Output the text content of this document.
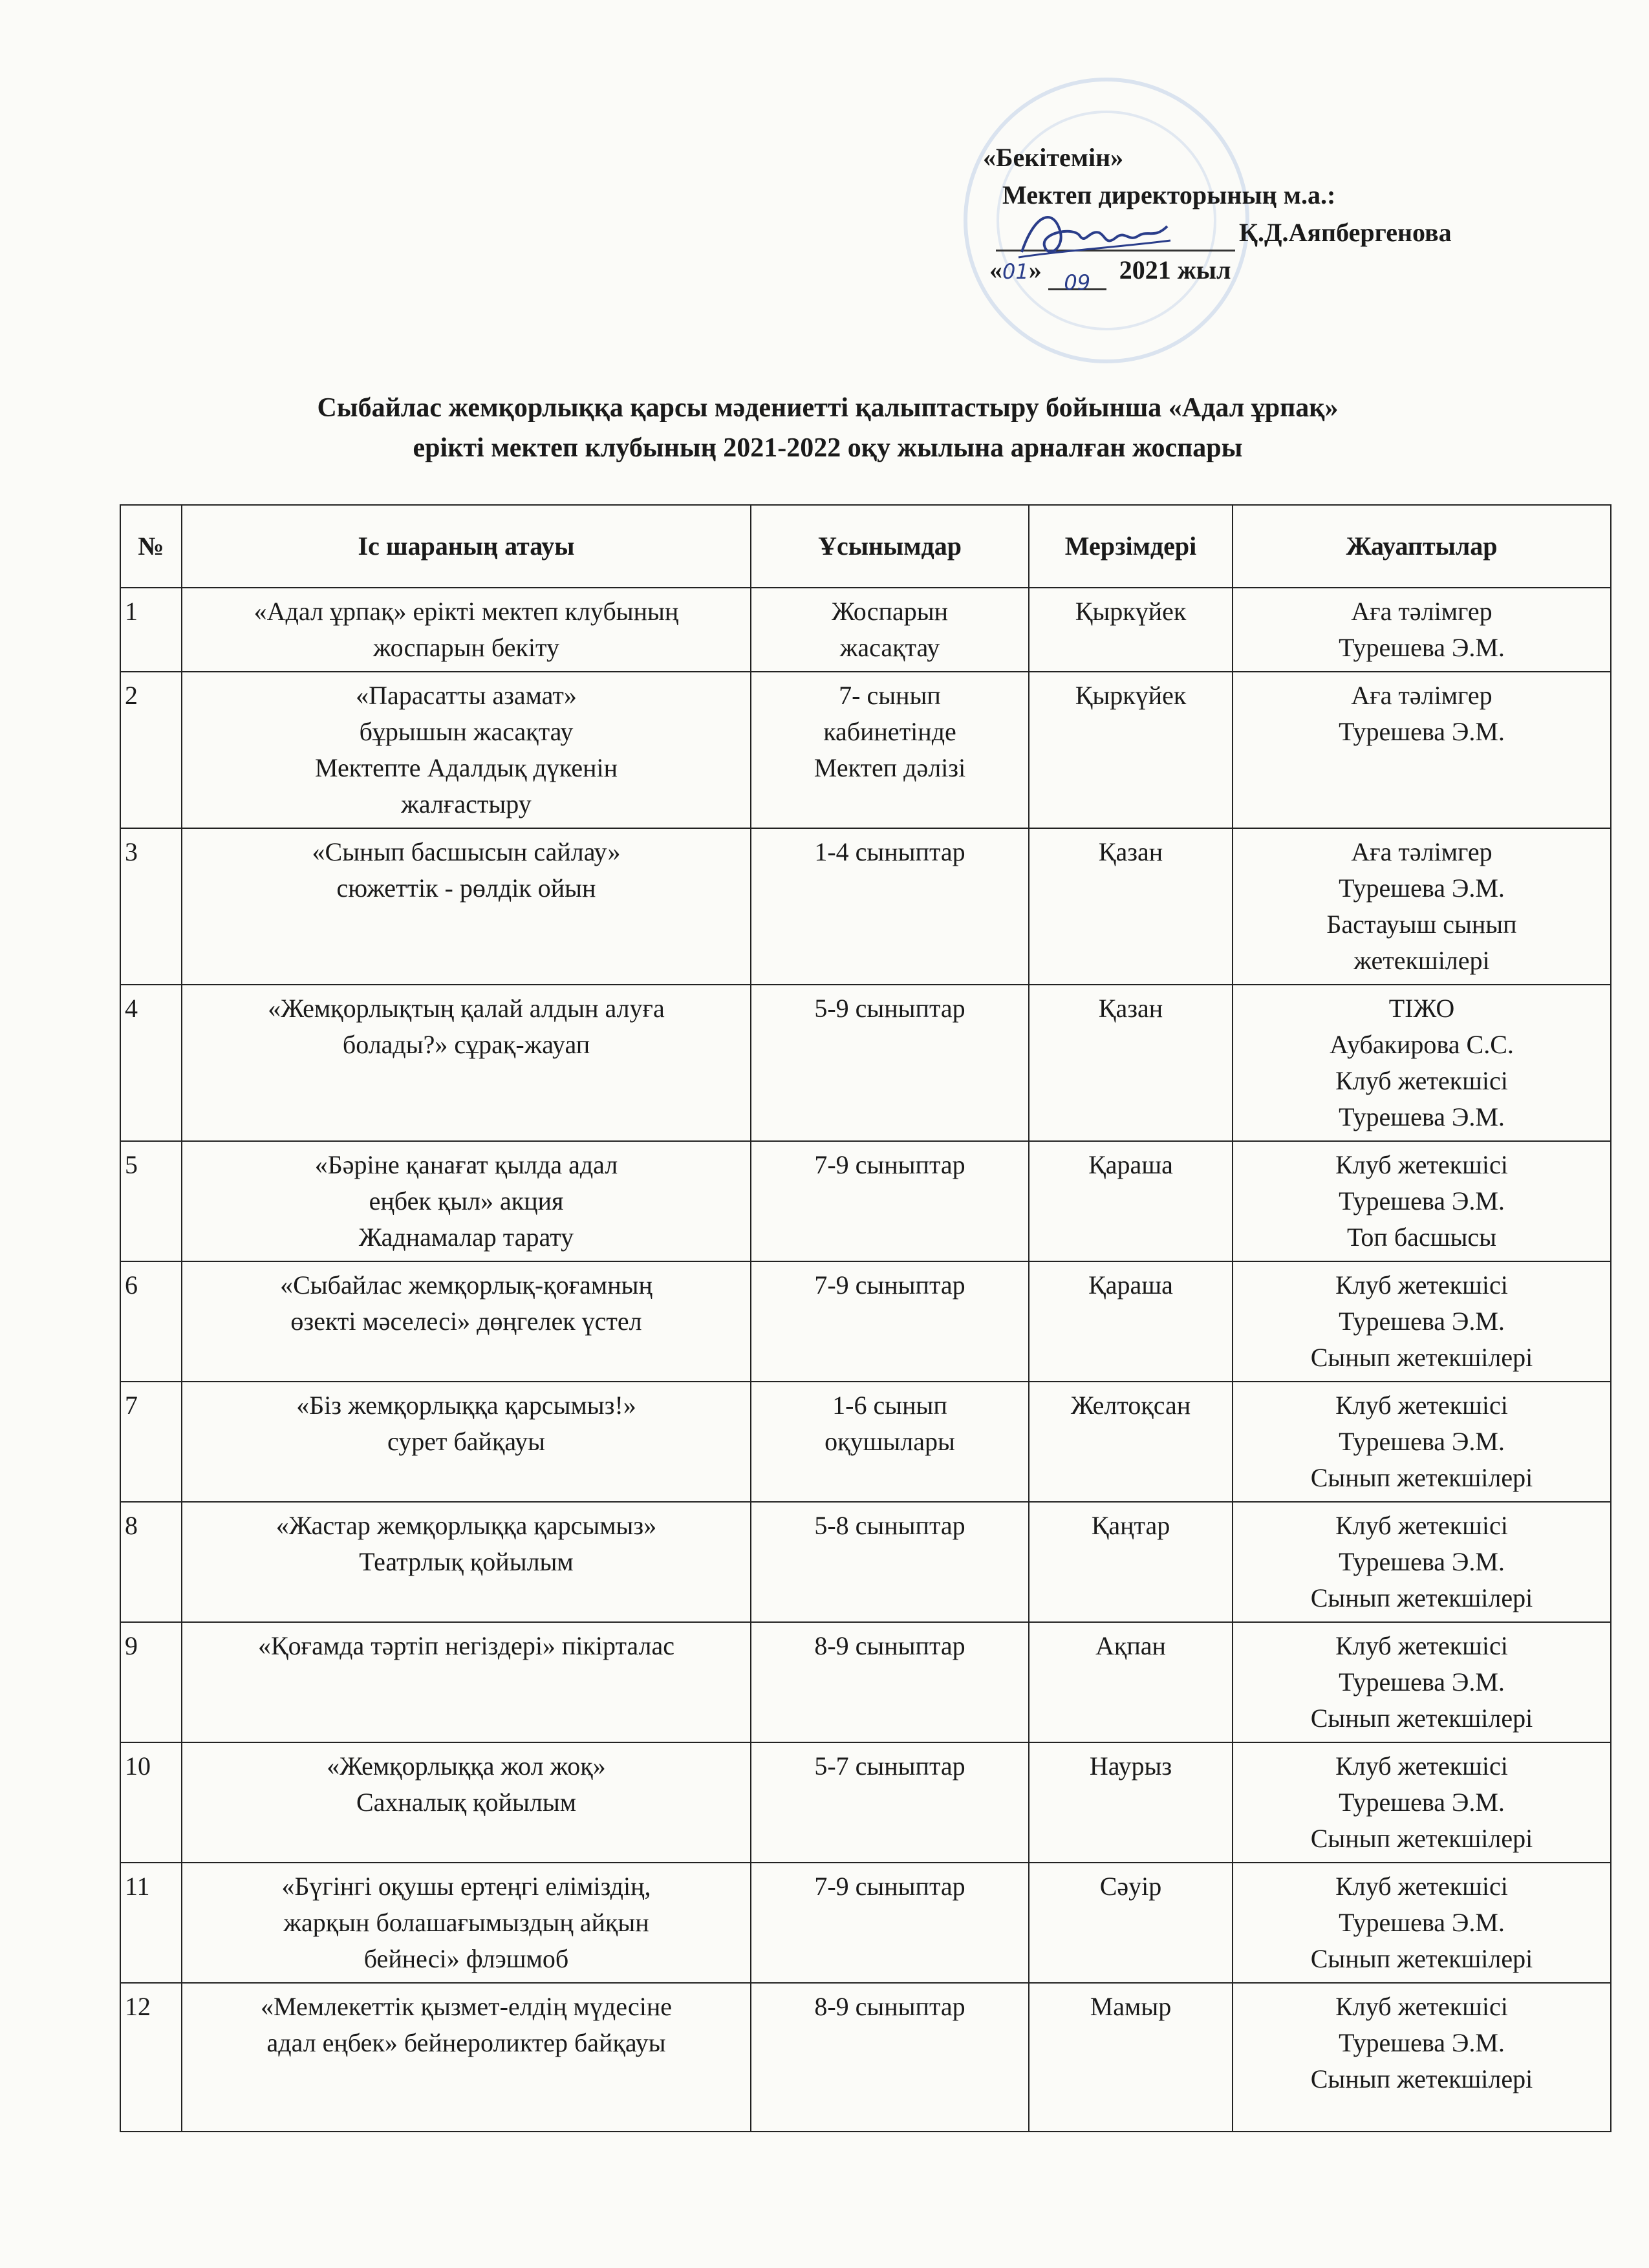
«Бекітемін»
Мектеп директорының м.а.:
Қ.Д.Аяпбергенова
«01» 09 2021 жыл
Сыбайлас жемқорлыққа қарсы мәдениетті қалыптастыру бойынша «Адал ұрпақ»
ерікті мектеп клубының 2021-2022 оқу жылына арналған жоспары
№	Іс шараның атауы	Ұсынымдар	Мерзімдері	Жауаптылар

1	«Адал ұрпақ» ерікті мектеп клубының
жоспарын бекіту	Жоспарын
жасақтау	Қыркүйек	Аға тәлімгер
Турешева Э.М.

2	«Парасатты азамат»
бұрышын жасақтау
Мектепте Адалдық дүкенін
жалғастыру	7- сынып
кабинетінде
Мектеп дәлізі	Қыркүйек	Аға тәлімгер
Турешева Э.М.

3	«Сынып басшысын сайлау»
сюжеттік - рөлдік ойын	1-4 сыныптар	Қазан	Аға тәлімгер
Турешева Э.М.
Бастауыш сынып
жетекшілері

4	«Жемқорлықтың қалай алдын алуға
болады?» сұрақ-жауап	5-9 сыныптар	Қазан	ТІЖО
Аубакирова С.С.
Клуб жетекшісі
Турешева Э.М.

5	«Бәріне қанағат қылда адал
еңбек қыл» акция
Жаднамалар тарату	7-9 сыныптар	Қараша	Клуб жетекшісі
Турешева Э.М.
Топ басшысы

6	«Сыбайлас жемқорлық-қоғамның
өзекті мәселесі» дөңгелек үстел	7-9 сыныптар	Қараша	Клуб жетекшісі
Турешева Э.М.
Сынып жетекшілері

7	«Біз жемқорлыққа қарсымыз!»
сурет байқауы	1-6 сынып
оқушылары	Желтоқсан	Клуб жетекшісі
Турешева Э.М.
Сынып жетекшілері

8	«Жастар жемқорлыққа қарсымыз»
Театрлық қойылым	5-8 сыныптар	Қаңтар	Клуб жетекшісі
Турешева Э.М.
Сынып жетекшілері

9	«Қоғамда тәртіп негіздері» пікірталас	8-9 сыныптар	Ақпан	Клуб жетекшісі
Турешева Э.М.
Сынып жетекшілері

10	«Жемқорлыққа жол жоқ»
Сахналық қойылым	5-7 сыныптар	Наурыз	Клуб жетекшісі
Турешева Э.М.
Сынып жетекшілері

11	«Бүгінгі оқушы ертеңгі еліміздің,
жарқын болашағымыздың айқын
бейнесі» флэшмоб	7-9 сыныптар	Сәуір	Клуб жетекшісі
Турешева Э.М.
Сынып жетекшілері

12	«Мемлекеттік қызмет-елдің мүдесіне
адал еңбек» бейнероликтер байқауы	8-9 сыныптар	Мамыр	Клуб жетекшісі
Турешева Э.М.
Сынып жетекшілері
